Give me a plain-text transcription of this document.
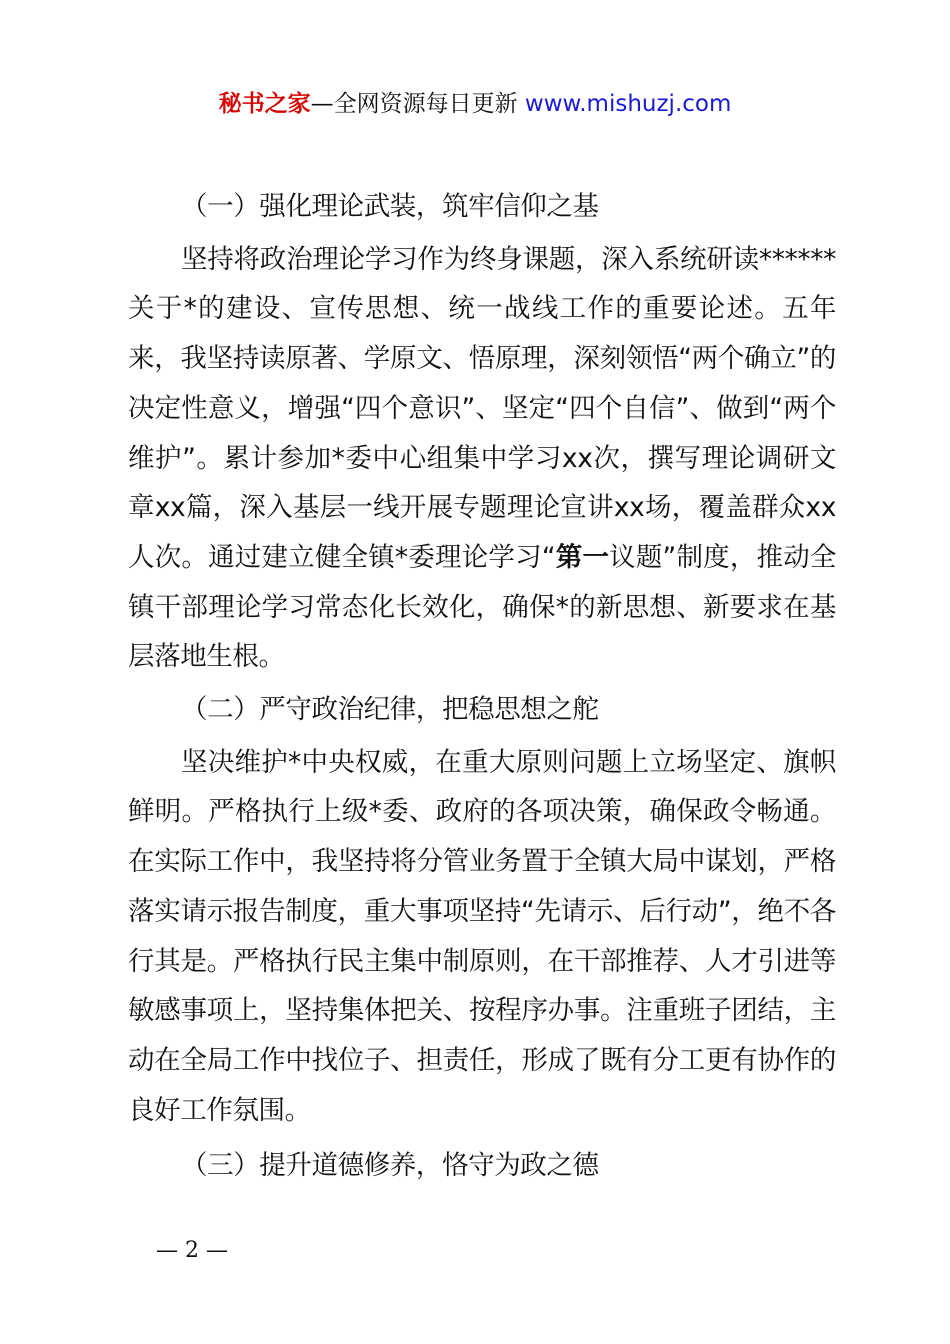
秘书之家—全网资源每日更新 www.mishuzj.com

（一）强化理论武装，筑牢信仰之基

坚持将政治理论学习作为终身课题，深入系统研读******关于*的建设、宣传思想、统一战线工作的重要论述。五年来，我坚持读原著、学原文、悟原理，深刻领悟“两个确立”的决定性意义，增强“四个意识”、坚定“四个自信”、做到“两个维护”。累计参加*委中心组集中学习xx次，撰写理论调研文章xx篇，深入基层一线开展专题理论宣讲xx场，覆盖群众xx人次。通过建立健全镇*委理论学习“第一议题”制度，推动全镇干部理论学习常态化长效化，确保*的新思想、新要求在基层落地生根。

（二）严守政治纪律，把稳思想之舵

坚决维护*中央权威，在重大原则问题上立场坚定、旗帜鲜明。严格执行上级*委、政府的各项决策，确保政令畅通。在实际工作中，我坚持将分管业务置于全镇大局中谋划，严格落实请示报告制度，重大事项坚持“先请示、后行动”，绝不各行其是。严格执行民主集中制原则，在干部推荐、人才引进等敏感事项上，坚持集体把关、按程序办事。注重班子团结，主动在全局工作中找位子、担责任，形成了既有分工更有协作的良好工作氛围。

（三）提升道德修养，恪守为政之德

— 2 —
